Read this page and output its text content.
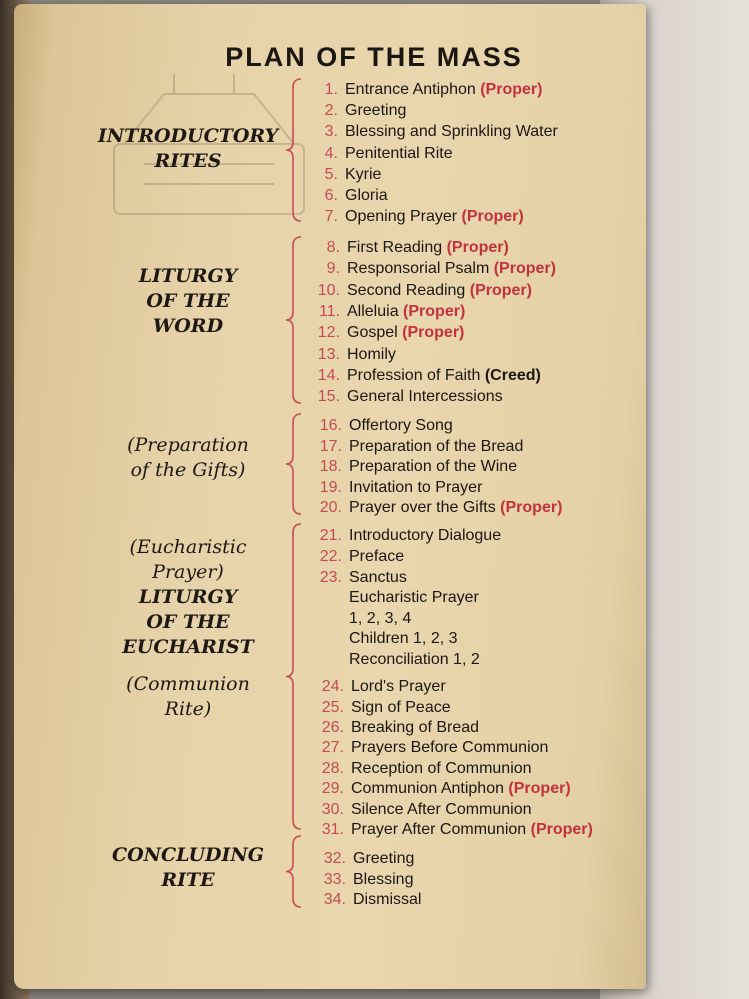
PLAN OF THE MASS
1. Entrance Antiphon (Proper)
2. Greeting
3. Blessing and Sprinkling Water
4. Penitential Rite
5. Kyrie
6. Gloria
7. Opening Prayer (Proper)
8. First Reading (Proper)
9. Responsorial Psalm (Proper)
10. Second Reading (Proper)
11. Alleluia (Proper)
12. Gospel (Proper)
13. Homily
14. Profession of Faith (Creed)
15. General Intercessions
16. Offertory Song
17. Preparation of the Bread
18. Preparation of the Wine
19. Invitation to Prayer
20. Prayer over the Gifts (Proper)
21. Introductory Dialogue
22. Preface
23. Sanctus
24. Lord's Prayer
25. Sign of Peace
26. Breaking of Bread
27. Prayers Before Communion
28. Reception of Communion
29. Communion Antiphon (Proper)
30. Silence After Communion
31. Prayer After Communion (Proper)
32. Greeting
33. Blessing
34. Dismissal
Eucharistic Prayer
1, 2, 3, 4
Children 1, 2, 3
Reconciliation 1, 2
INTRODUCTORY
RITES
LITURGY
OF THE
WORD
(Preparation
of the Gifts)
(Eucharistic
Prayer)
LITURGY
OF THE
EUCHARIST
(Communion
Rite)
CONCLUDING
RITE
